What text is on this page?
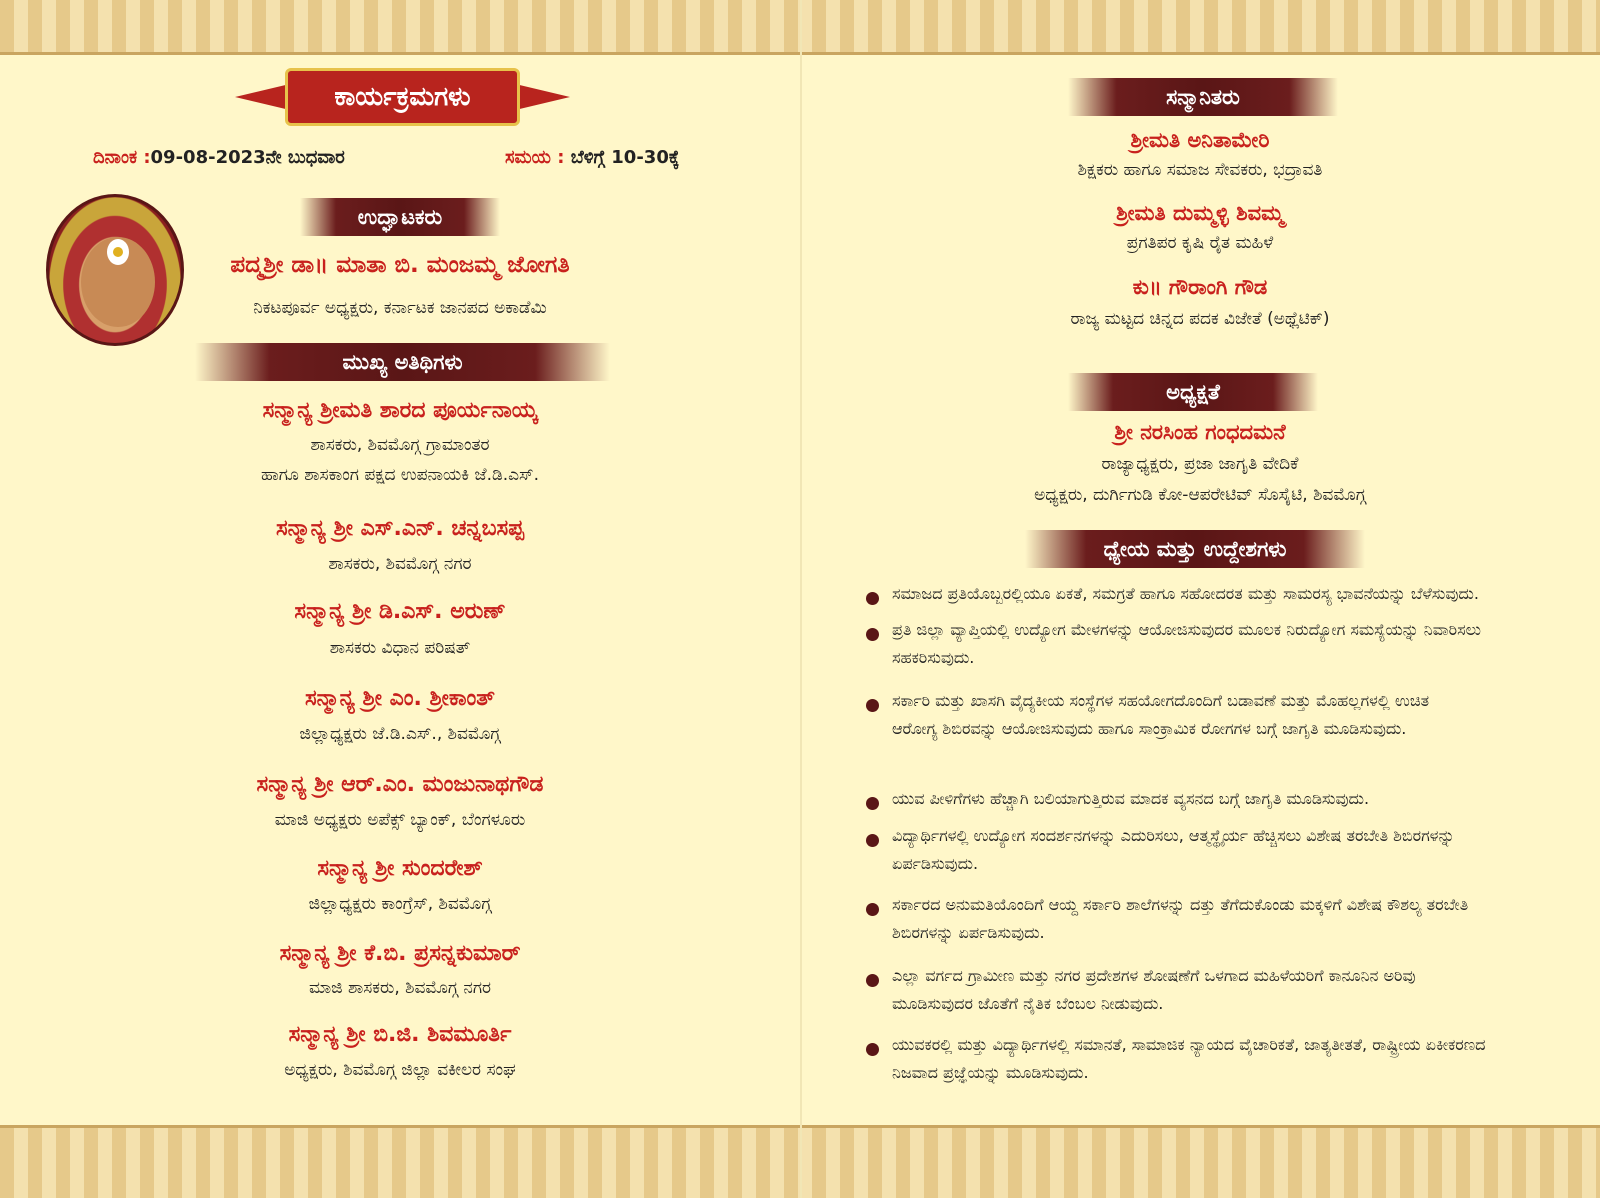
ಕಾರ್ಯಕ್ರಮಗಳು
ದಿನಾಂಕ :09-08-2023ನೇ ಬುಧವಾರ	ಸಮಯ : ಬೆಳಿಗ್ಗೆ 10-30ಕ್ಕೆ
ಉದ್ಘಾಟಕರು
ಪದ್ಮಶ್ರೀ ಡಾ॥ ಮಾತಾ ಬಿ. ಮಂಜಮ್ಮ ಜೋಗತಿ
ನಿಕಟಪೂರ್ವ ಅಧ್ಯಕ್ಷರು, ಕರ್ನಾಟಕ ಜಾನಪದ ಅಕಾಡೆಮಿ
ಮುಖ್ಯ ಅತಿಥಿಗಳು
ಸನ್ಮಾನ್ಯ ಶ್ರೀಮತಿ ಶಾರದ ಪೂರ್ಯನಾಯ್ಕ
ಶಾಸಕರು, ಶಿವಮೊಗ್ಗ ಗ್ರಾಮಾಂತರ
ಹಾಗೂ ಶಾಸಕಾಂಗ ಪಕ್ಷದ ಉಪನಾಯಕಿ ಜೆ.ಡಿ.ಎಸ್.
ಸನ್ಮಾನ್ಯ ಶ್ರೀ ಎಸ್.ಎನ್. ಚನ್ನಬಸಪ್ಪ
ಶಾಸಕರು, ಶಿವಮೊಗ್ಗ ನಗರ
ಸನ್ಮಾನ್ಯ ಶ್ರೀ ಡಿ.ಎಸ್. ಅರುಣ್
ಶಾಸಕರು ವಿಧಾನ ಪರಿಷತ್
ಸನ್ಮಾನ್ಯ ಶ್ರೀ ಎಂ. ಶ್ರೀಕಾಂತ್
ಜಿಲ್ಲಾಧ್ಯಕ್ಷರು ಜೆ.ಡಿ.ಎಸ್., ಶಿವಮೊಗ್ಗ
ಸನ್ಮಾನ್ಯ ಶ್ರೀ ಆರ್.ಎಂ. ಮಂಜುನಾಥಗೌಡ
ಮಾಜಿ ಅಧ್ಯಕ್ಷರು ಅಪೆಕ್ಸ್ ಬ್ಯಾಂಕ್, ಬೆಂಗಳೂರು
ಸನ್ಮಾನ್ಯ ಶ್ರೀ ಸುಂದರೇಶ್
ಜಿಲ್ಲಾಧ್ಯಕ್ಷರು ಕಾಂಗ್ರೆಸ್, ಶಿವಮೊಗ್ಗ
ಸನ್ಮಾನ್ಯ ಶ್ರೀ ಕೆ.ಬಿ. ಪ್ರಸನ್ನಕುಮಾರ್
ಮಾಜಿ ಶಾಸಕರು, ಶಿವಮೊಗ್ಗ ನಗರ
ಸನ್ಮಾನ್ಯ ಶ್ರೀ ಬಿ.ಜಿ. ಶಿವಮೂರ್ತಿ
ಅಧ್ಯಕ್ಷರು, ಶಿವಮೊಗ್ಗ ಜಿಲ್ಲಾ ವಕೀಲರ ಸಂಘ
ಸನ್ಮಾನಿತರು
ಶ್ರೀಮತಿ ಅನಿತಾಮೇರಿ
ಶಿಕ್ಷಕರು ಹಾಗೂ ಸಮಾಜ ಸೇವಕರು, ಭದ್ರಾವತಿ
ಶ್ರೀಮತಿ ದುಮ್ಮಳ್ಳಿ ಶಿವಮ್ಮ
ಪ್ರಗತಿಪರ ಕೃಷಿ ರೈತ ಮಹಿಳೆ
ಕು॥ ಗೌರಾಂಗಿ ಗೌಡ
ರಾಜ್ಯ ಮಟ್ಟದ ಚಿನ್ನದ ಪದಕ ವಿಜೇತೆ (ಅಥ್ಲೆಟಿಕ್)
ಅಧ್ಯಕ್ಷತೆ
ಶ್ರೀ ನರಸಿಂಹ ಗಂಧದಮನೆ
ರಾಜ್ಯಾಧ್ಯಕ್ಷರು, ಪ್ರಜಾ ಜಾಗೃತಿ ವೇದಿಕೆ
ಅಧ್ಯಕ್ಷರು, ದುರ್ಗಿಗುಡಿ ಕೋ-ಆಪರೇಟಿವ್ ಸೊಸೈಟಿ, ಶಿವಮೊಗ್ಗ
ಧ್ಯೇಯ ಮತ್ತು ಉದ್ದೇಶಗಳು
ಸಮಾಜದ ಪ್ರತಿಯೊಬ್ಬರಲ್ಲಿಯೂ ಏಕತೆ, ಸಮಗ್ರತೆ ಹಾಗೂ ಸಹೋದರತ ಮತ್ತು ಸಾಮರಸ್ಯ ಭಾವನೆಯನ್ನು ಬೆಳೆಸುವುದು.
ಪ್ರತಿ ಜಿಲ್ಲಾ ವ್ಯಾಪ್ತಿಯಲ್ಲಿ ಉದ್ಯೋಗ ಮೇಳಗಳನ್ನು ಆಯೋಜಿಸುವುದರ ಮೂಲಕ ನಿರುದ್ಯೋಗ ಸಮಸ್ಯೆಯನ್ನು ನಿವಾರಿಸಲು ಸಹಕರಿಸುವುದು.
ಸರ್ಕಾರಿ ಮತ್ತು ಖಾಸಗಿ ವೈದ್ಯಕೀಯ ಸಂಸ್ಥೆಗಳ ಸಹಯೋಗದೊಂದಿಗೆ ಬಡಾವಣೆ ಮತ್ತು ಮೊಹಲ್ಲಗಳಲ್ಲಿ ಉಚಿತ ಆರೋಗ್ಯ ಶಿಬಿರವನ್ನು ಆಯೋಜಿಸುವುದು ಹಾಗೂ ಸಾಂಕ್ರಾಮಿಕ ರೋಗಗಳ ಬಗ್ಗೆ ಜಾಗೃತಿ ಮೂಡಿಸುವುದು.
ಯುವ ಪೀಳಿಗೆಗಳು ಹೆಚ್ಚಾಗಿ ಬಲಿಯಾಗುತ್ತಿರುವ ಮಾದಕ ವ್ಯಸನದ ಬಗ್ಗೆ ಜಾಗೃತಿ ಮೂಡಿಸುವುದು.
ವಿದ್ಯಾರ್ಥಿಗಳಲ್ಲಿ ಉದ್ಯೋಗ ಸಂದರ್ಶನಗಳನ್ನು ಎದುರಿಸಲು, ಆತ್ಮಸ್ಥೈರ್ಯ ಹೆಚ್ಚಿಸಲು ವಿಶೇಷ ತರಬೇತಿ ಶಿಬಿರಗಳನ್ನು ಏರ್ಪಡಿಸುವುದು.
ಸರ್ಕಾರದ ಅನುಮತಿಯೊಂದಿಗೆ ಆಯ್ದ ಸರ್ಕಾರಿ ಶಾಲೆಗಳನ್ನು ದತ್ತು ತೆಗೆದುಕೊಂಡು ಮಕ್ಕಳಿಗೆ ವಿಶೇಷ ಕೌಶಲ್ಯ ತರಬೇತಿ ಶಿಬಿರಗಳನ್ನು ಏರ್ಪಡಿಸುವುದು.
ಎಲ್ಲಾ ವರ್ಗದ ಗ್ರಾಮೀಣ ಮತ್ತು ನಗರ ಪ್ರದೇಶಗಳ ಶೋಷಣೆಗೆ ಒಳಗಾದ ಮಹಿಳೆಯರಿಗೆ ಕಾನೂನಿನ ಅರಿವು ಮೂಡಿಸುವುದರ ಜೊತೆಗೆ ನೈತಿಕ ಬೆಂಬಲ ನೀಡುವುದು.
ಯುವಕರಲ್ಲಿ ಮತ್ತು ವಿದ್ಯಾರ್ಥಿಗಳಲ್ಲಿ ಸಮಾನತೆ, ಸಾಮಾಜಿಕ ನ್ಯಾಯದ ವೈಚಾರಿಕತೆ, ಜಾತ್ಯತೀತತೆ, ರಾಷ್ಟ್ರೀಯ ಏಕೀಕರಣದ ನಿಜವಾದ ಪ್ರಜ್ಞೆಯನ್ನು ಮೂಡಿಸುವುದು.
